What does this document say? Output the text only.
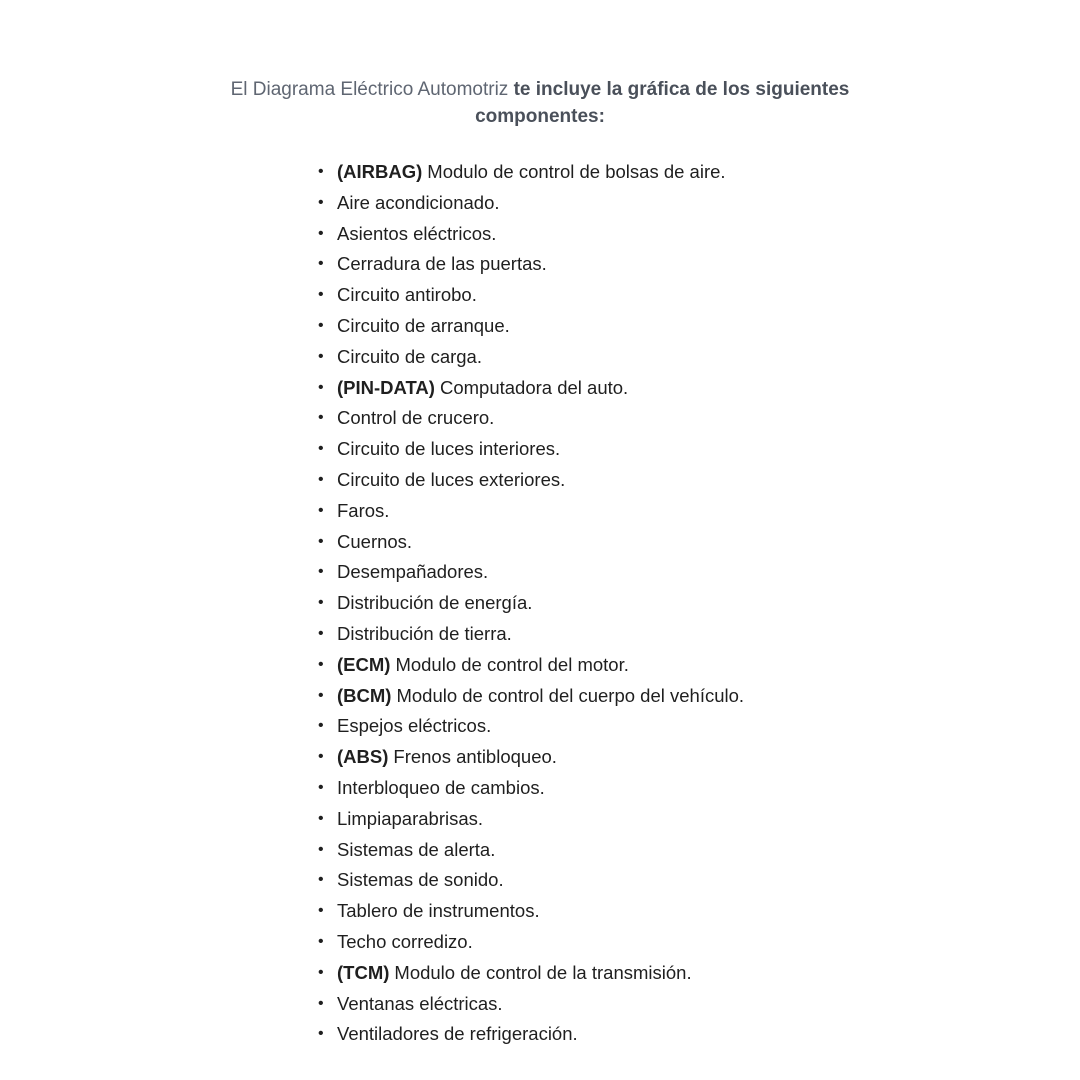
El Diagrama Eléctrico Automotriz te incluye la gráfica de los siguientes
componentes:
• (AIRBAG) Modulo de control de bolsas de aire.
• Aire acondicionado.
• Asientos eléctricos.
• Cerradura de las puertas.
• Circuito antirobo.
• Circuito de arranque.
• Circuito de carga.
• (PIN-DATA) Computadora del auto.
• Control de crucero.
• Circuito de luces interiores.
• Circuito de luces exteriores.
• Faros.
• Cuernos.
• Desempañadores.
• Distribución de energía.
• Distribución de tierra.
• (ECM) Modulo de control del motor.
• (BCM) Modulo de control del cuerpo del vehículo.
• Espejos eléctricos.
• (ABS) Frenos antibloqueo.
• Interbloqueo de cambios.
• Limpiaparabrisas.
• Sistemas de alerta.
• Sistemas de sonido.
• Tablero de instrumentos.
• Techo corredizo.
• (TCM) Modulo de control de la transmisión.
• Ventanas eléctricas.
• Ventiladores de refrigeración.
